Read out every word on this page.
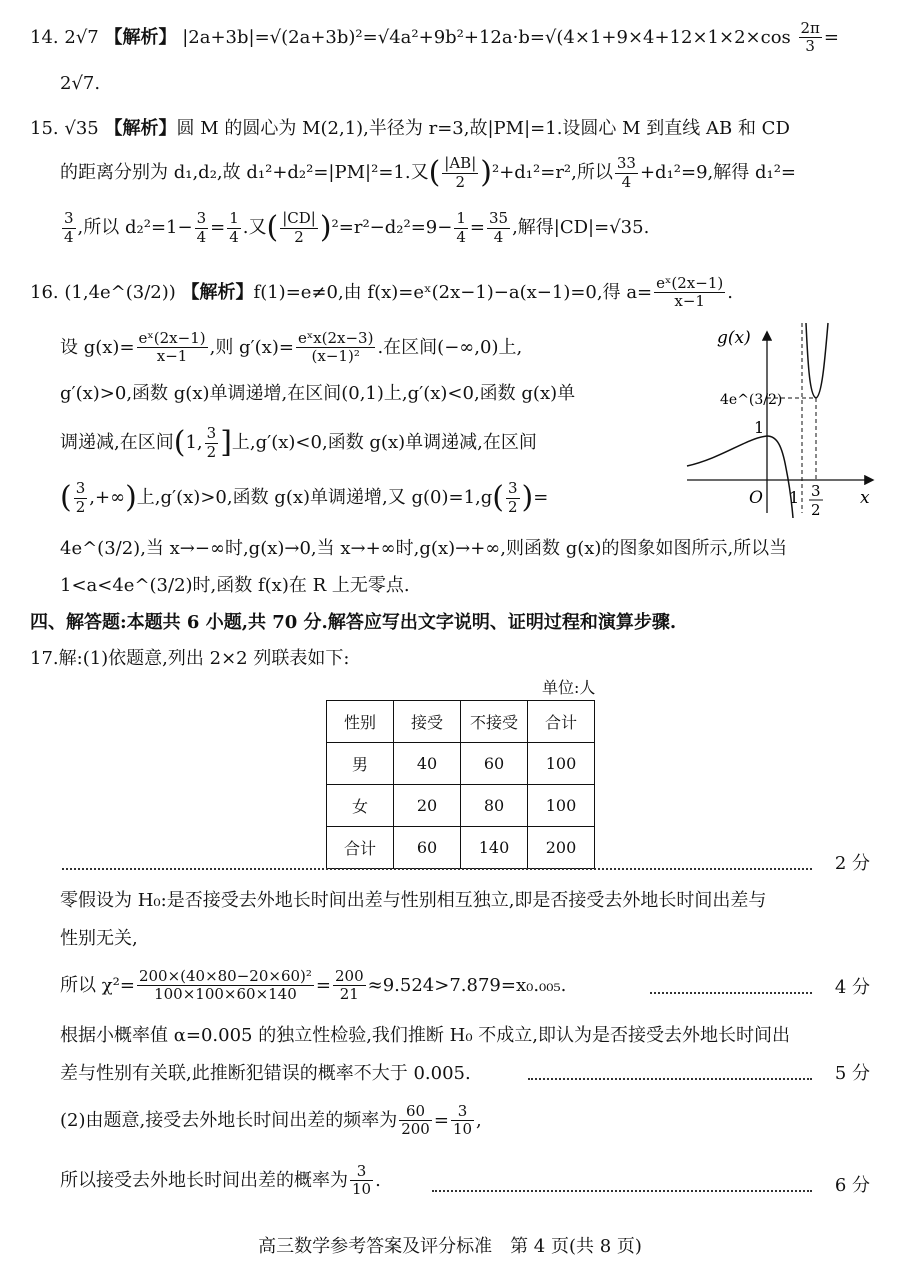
14. 2√7 【解析】 $|2a+3b|=√(2a+3b)^2=√4a^2+9b^2+12a\cdot b=√(4\times 1+9\times 4+12\times 1\times 2\times\cos \frac{2\pi}{3}$ =
2√7.
15. √35 【解析】圆 M 的圆心为 M(2,1),半径为 r=3,故|PM|=1.设圆心 M 到直线 AB 和 CD
的距离分别为 d₁,d₂,故 d₁²+d₂²=|PM|²=1.又( $\frac{|AB|}{2} )^2+d_1^2=r^2$,所以 $\frac{33}{4} +d_1^2=9$,解得 d₁²=
$\frac{3}{4}$ ,所以 $d_2^2=1- \frac{3}{4} = \frac{1}{4}$ .又( $\frac{|CD|}{2} )^2=r^2-d_2^2=9- \frac{1}{4} = \frac{35}{4}$ ,解得|CD|=√35.
16. (1,4e^(3/2)) 【解析】f(1)=e≠0,由 f(x)=eˣ(2x−1)−a(x−1)=0,得 $a= \frac{\text{eˣ(2x−1)}}{x-1}$ .
设 $g(x)= \frac{\text{eˣ(2x−1)}}{x-1}$ ,则 $g'(x)= \frac{\text{eˣx(2x−3)}}{\text{(x−1)²}}$ .在区间(−∞,0)上,
g′(x)>0,函数 g(x)单调递增,在区间(0,1)上,g′(x)<0,函数 g(x)单
调递减,在区间(1, $\frac{3}{2}$ ]上,g′(x)<0,函数 g(x)单调递减,在区间
( $\frac{3}{2}$ ,+∞)上,g′(x)>0,函数 g(x)单调递增,又 $g(0)=1,g( \frac{3}{2}$ )=
4e^(3/2),当 x→−∞时,g(x)→0,当 x→+∞时,g(x)→+∞,则函数 g(x)的图象如图所示,所以当
1<a<4e^(3/2)时,函数 f(x)在 R 上无零点.
g(x)
x
O 1 3
2
1
4e^(3/2)
四、解答题:本题共 6 小题,共 70 分.解答应写出文字说明、证明过程和演算步骤.
17.解:(1)依题意,列出 2×2 列联表如下:
单位:人
性别	接受	不接受	合计
男	40	60	100
女	20	80	100
合计	60	140	200
2 分
零假设为 H₀:是否接受去外地长时间出差与性别相互独立,即是否接受去外地长时间出差与
性别无关,
所以 $\chi^2= \frac{\text{200×(40×80−20×60)²}}{100\times 100\times 60\times 140} = \frac{200}{21} \approx 9.524>7.879=x_0._{005}$.	4 分
根据小概率值 α=0.005 的独立性检验,我们推断 H₀ 不成立,即认为是否接受去外地长时间出
差与性别有关联,此推断犯错误的概率不大于 0.005.	5 分
(2)由题意,接受去外地长时间出差的频率为 $\frac{60}{200} = \frac{3}{10}$ ,
所以接受去外地长时间出差的概率为 $\frac{3}{10}$ .	6 分
高三数学参考答案及评分标准　第 4 页(共 8 页)
